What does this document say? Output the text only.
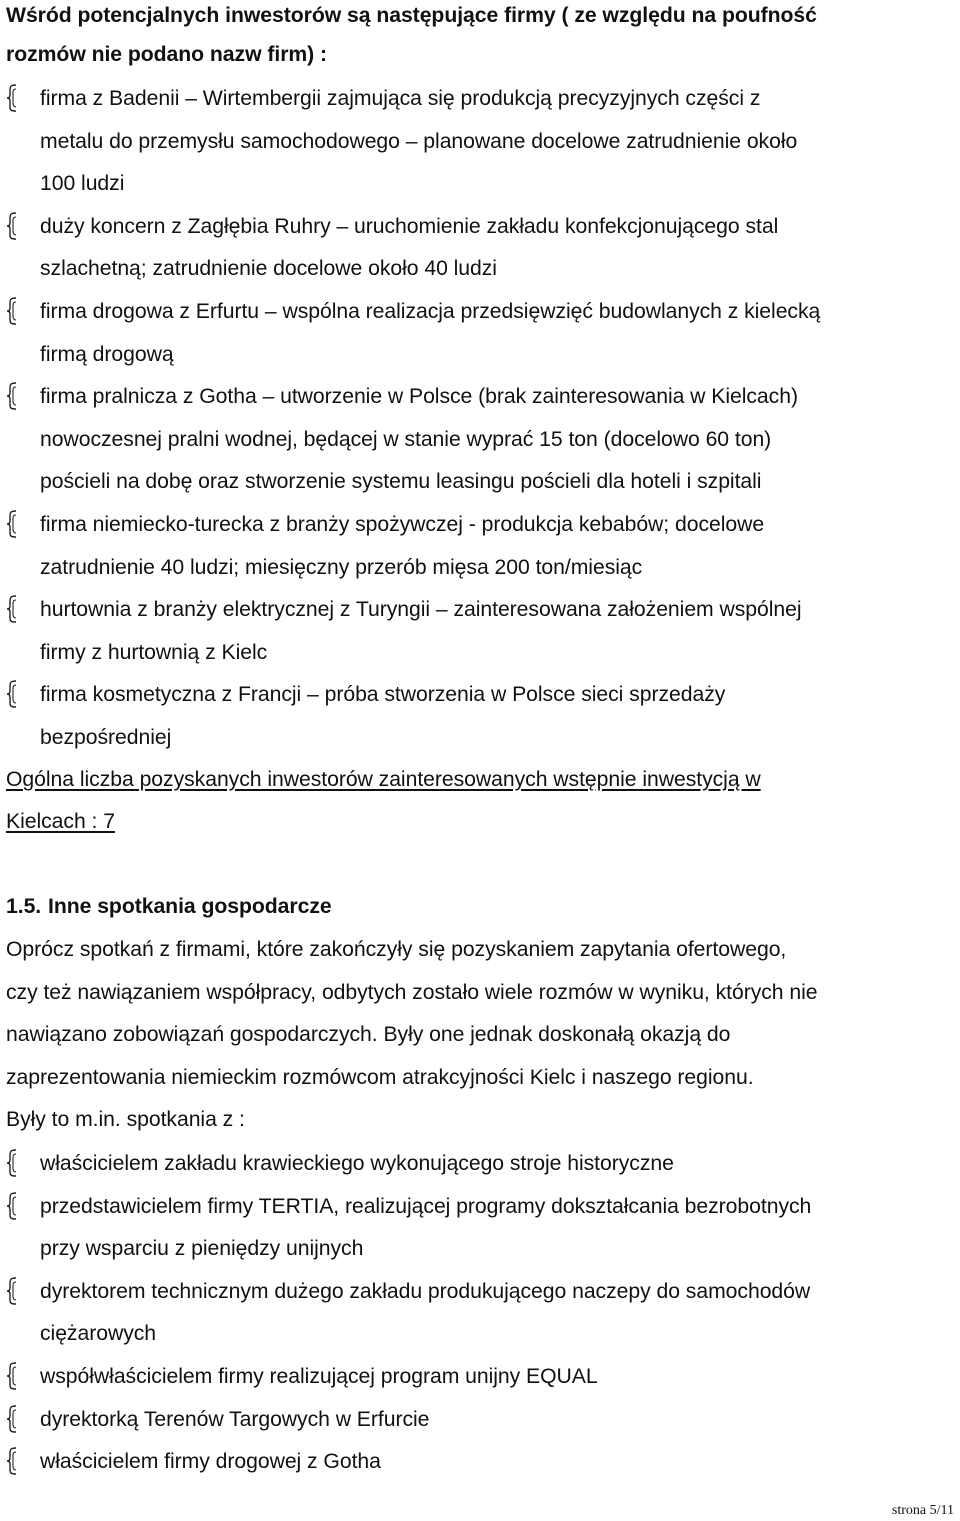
Wśród potencjalnych inwestorów są następujące firmy ( ze względu na poufność
rozmów nie podano nazw firm) :
firma z Badenii – Wirtembergii zajmująca się produkcją precyzyjnych części z
metalu do przemysłu samochodowego – planowane docelowe zatrudnienie około
100 ludzi
duży koncern z Zagłębia Ruhry – uruchomienie zakładu konfekcjonującego stal
szlachetną; zatrudnienie docelowe około 40 ludzi
firma drogowa z Erfurtu – wspólna realizacja przedsięwzięć budowlanych z kielecką
firmą drogową
firma pralnicza z Gotha – utworzenie w Polsce (brak zainteresowania w Kielcach)
nowoczesnej pralni wodnej, będącej w stanie wyprać 15 ton (docelowo 60 ton)
pościeli na dobę oraz stworzenie systemu leasingu pościeli dla hoteli i szpitali
firma niemiecko-turecka z branży spożywczej - produkcja kebabów; docelowe
zatrudnienie 40 ludzi; miesięczny przerób mięsa 200 ton/miesiąc
hurtownia z branży elektrycznej z Turyngii – zainteresowana założeniem wspólnej
firmy z hurtownią z Kielc
firma kosmetyczna z Francji – próba stworzenia w Polsce sieci sprzedaży
bezpośredniej
Ogólna liczba pozyskanych inwestorów zainteresowanych wstępnie inwestycją w
Kielcach : 7
1.5. Inne spotkania gospodarcze
Oprócz spotkań z firmami, które zakończyły się pozyskaniem zapytania ofertowego,
czy też nawiązaniem współpracy, odbytych zostało wiele rozmów w wyniku, których nie
nawiązano zobowiązań gospodarczych. Były one jednak doskonałą okazją do
zaprezentowania niemieckim rozmówcom atrakcyjności Kielc i naszego regionu.
Były to m.in. spotkania z :
właścicielem zakładu krawieckiego wykonującego stroje historyczne
przedstawicielem firmy TERTIA, realizującej programy dokształcania bezrobotnych
przy wsparciu z pieniędzy unijnych
dyrektorem technicznym dużego zakładu produkującego naczepy do samochodów
ciężarowych
współwłaścicielem firmy realizującej program unijny EQUAL
dyrektorką Terenów Targowych w Erfurcie
właścicielem firmy drogowej z Gotha
strona 5/11
